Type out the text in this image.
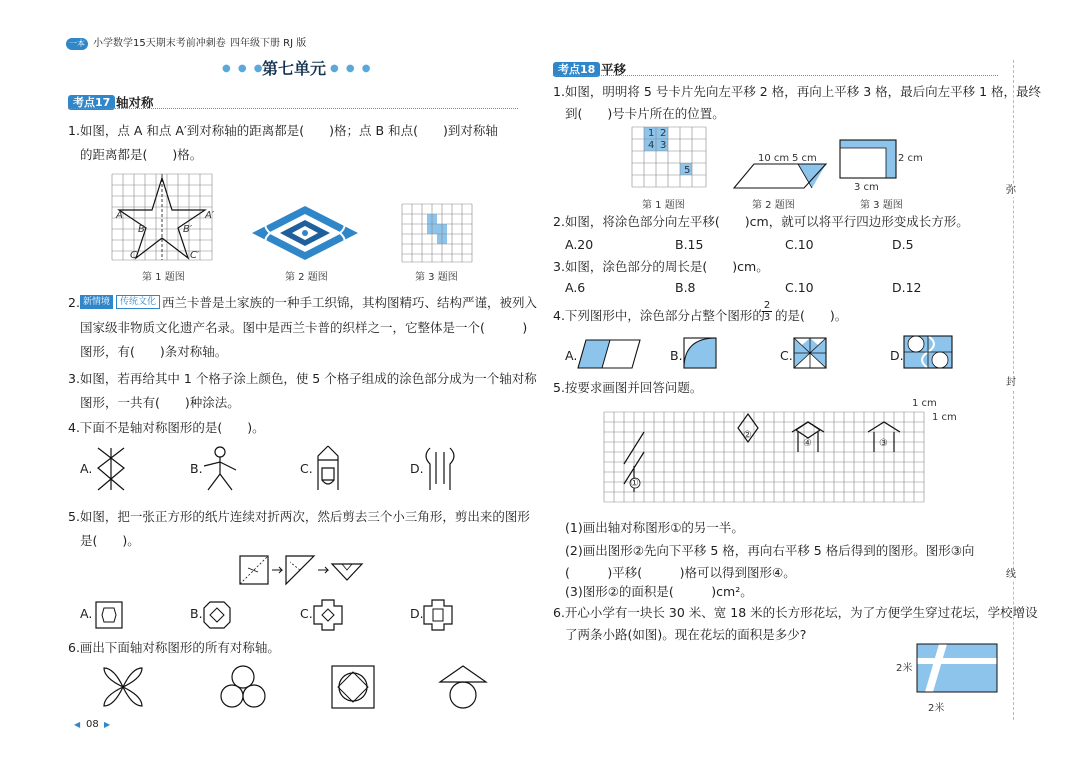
一本 小学数学15天期末考前冲刺卷 四年级下册 RJ 版
● ● ●
第七单元 ● ● ●
考点17 轴对称
1.如图，点 A 和点 A′到对称轴的距离都是(　　)格；点 B 和点(　　)到对称轴
的距离都是(　　)格。
A	A′
B	B′
C	C′
第 1 题图	第 2 题图	第 3 题图
2. 新情境	传统文化 西兰卡普是土家族的一种手工织锦，其构图精巧、结构严谨，被列入
国家级非物质文化遗产名录。图中是西兰卡普的织样之一，它整体是一个(　　　)
图形，有(　　)条对称轴。
3.如图，若再给其中 1 个格子涂上颜色，使 5 个格子组成的涂色部分成为一个轴对称
图形，一共有(　　)种涂法。
4.下面不是轴对称图形的是(　　)。
A.	B.	C.	D.
5.如图，把一张正方形的纸片连续对折两次，然后剪去三个小三角形，剪出来的图形
是(　　)。
A.	B.	C.	D.
6.画出下面轴对称图形的所有对称轴。
◀ 08 ▶
考点18 平移
1.如图，明明将 5 号卡片先向左平移 2 格，再向上平移 3 格，最后向左平移 1 格，最终
到(　　)号卡片所在的位置。
1 2
4 3
5
第 1 题图
10 cm 5 cm
第 2 题图
2 cm
3 cm
第 3 题图
2.如图，将涂色部分向左平移(　　)cm，就可以将平行四边形变成长方形。
A.20	B.15	C.10	D.5
3.如图，涂色部分的周长是(　　)cm。
A.6	B.8	C.10	D.12
4.下列图形中，涂色部分占整个图形的
$\frac{2}{3}$ 的是(　　)。
A.	B.	C.	D.
5.按要求画图并回答问题。
1 cm
1 cm
①
②
④	③
(1)画出轴对称图形①的另一半。
(2)画出图形②先向下平移 5 格，再向右平移 5 格后得到的图形。图形③向
(　　　)平移(　　　)格可以得到图形④。
(3)图形②的面积是(　　　)cm²。
6.开心小学有一块长 30 米、宽 18 米的长方形花坛，为了方便学生穿过花坛，学校增设
了两条小路(如图)。现在花坛的面积是多少?
2米
2米
弥
封
线
